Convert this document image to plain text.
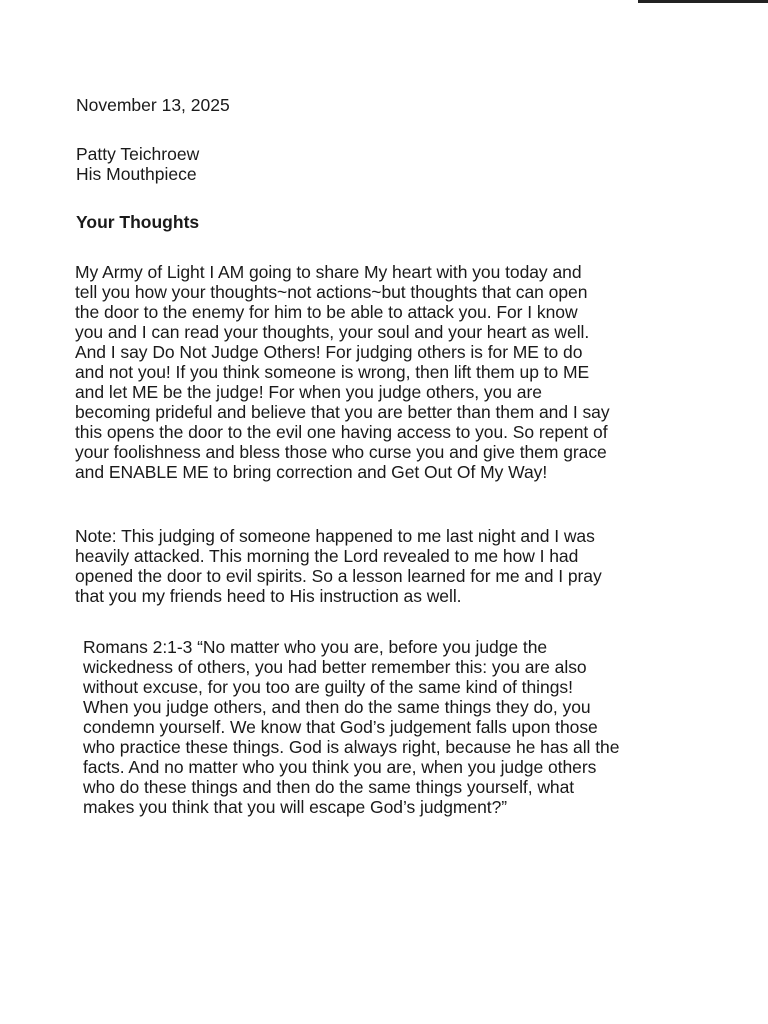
November 13, 2025

Patty Teichroew
His Mouthpiece
Your Thoughts
My Army of Light I AM going to share My heart with you today and
tell you how your thoughts~not actions~but thoughts that can open
the door to the enemy for him to be able to attack you. For I know
you and I can read your thoughts, your soul and your heart as well.
And I say Do Not Judge Others! For judging others is for ME to do
and not you! If you think someone is wrong, then lift them up to ME
and let ME be the judge! For when you judge others, you are
becoming prideful and believe that you are better than them and I say
this opens the door to the evil one having access to you. So repent of
your foolishness and bless those who curse you and give them grace
and ENABLE ME to bring correction and Get Out Of My Way!
Note: This judging of someone happened to me last night and I was
heavily attacked. This morning the Lord revealed to me how I had
opened the door to evil spirits. So a lesson learned for me and I pray
that you my friends heed to His instruction as well.
Romans 2:1-3 “No matter who you are, before you judge the
wickedness of others, you had better remember this: you are also
without excuse, for you too are guilty of the same kind of things!
When you judge others, and then do the same things they do, you
condemn yourself. We know that God’s judgement falls upon those
who practice these things. God is always right, because he has all the
facts. And no matter who you think you are, when you judge others
who do these things and then do the same things yourself, what
makes you think that you will escape God’s judgment?”
